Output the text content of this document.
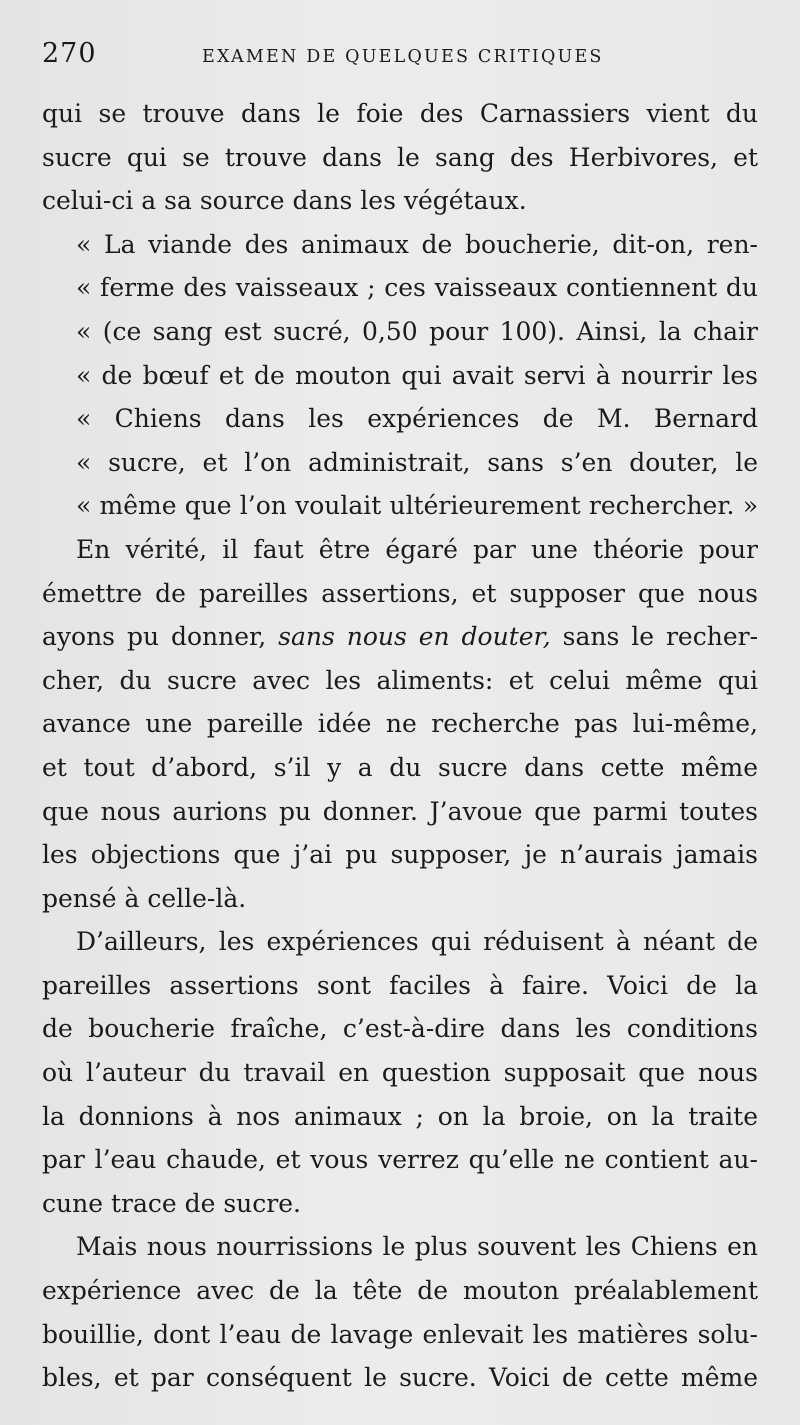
270	EXAMEN DE QUELQUES CRITIQUES
qui se trouve dans le foie des Carnassiers vient du
sucre qui se trouve dans le sang des Herbivores, et
celui-ci a sa source dans les végétaux.
« La viande des animaux de boucherie, dit-on, ren-
« ferme des vaisseaux ; ces vaisseaux contiennent du
« (ce sang est sucré, 0,50 pour 100). Ainsi, la chair
« de bœuf et de mouton qui avait servi à nourrir les
« Chiens dans les expériences de M. Bernard
« sucre, et l’on administrait, sans s’en douter, le
« même que l’on voulait ultérieurement rechercher. »
En vérité, il faut être égaré par une théorie pour
émettre de pareilles assertions, et supposer que nous
ayons pu donner, sans nous en douter, sans le recher-
cher, du sucre avec les aliments: et celui même qui
avance une pareille idée ne recherche pas lui-même,
et tout d’abord, s’il y a du sucre dans cette même
que nous aurions pu donner. J’avoue que parmi toutes
les objections que j’ai pu supposer, je n’aurais jamais
pensé à celle-là.
D’ailleurs, les expériences qui réduisent à néant de
pareilles assertions sont faciles à faire. Voici de la
de boucherie fraîche, c’est-à-dire dans les conditions
où l’auteur du travail en question supposait que nous
la donnions à nos animaux ; on la broie, on la traite
par l’eau chaude, et vous verrez qu’elle ne contient au-
cune trace de sucre.
Mais nous nourrissions le plus souvent les Chiens en
expérience avec de la tête de mouton préalablement
bouillie, dont l’eau de lavage enlevait les matières solu-
bles, et par conséquent le sucre. Voici de cette même
